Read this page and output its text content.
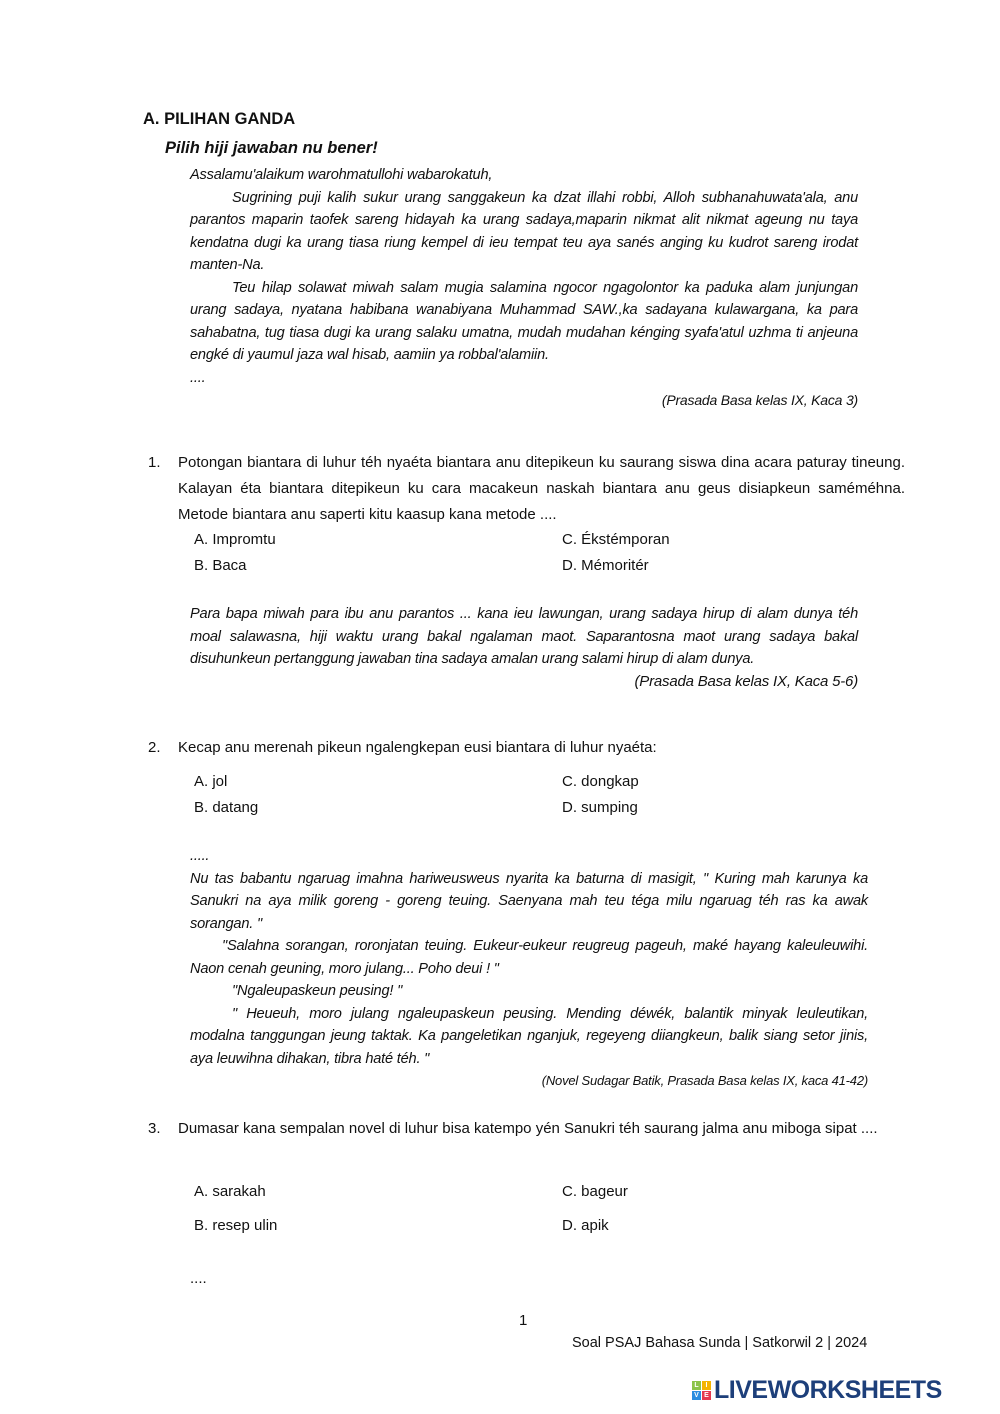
A. PILIHAN GANDA
Pilih hiji jawaban nu bener!

Assalamu'alaikum warohmatullohi wabarokatuh,

Sugrining puji kalih sukur urang sanggakeun ka dzat illahi robbi, Alloh subhanahuwata'ala, anu parantos maparin taofek sareng hidayah ka urang sadaya,maparin nikmat alit nikmat ageung nu taya kendatna dugi ka urang tiasa riung kempel di ieu tempat teu aya sanés anging ku kudrot sareng irodat manten-Na.

Teu hilap solawat miwah salam mugia salamina ngocor ngagolontor ka paduka alam junjungan urang sadaya, nyatana habibana wanabiyana Muhammad SAW.,ka sadayana kulawargana, ka para sahabatna, tug tiasa dugi ka urang salaku umatna, mudah mudahan kénging syafa'atul uzhma ti anjeuna engké di yaumul jaza wal hisab, aamiin ya robbal'alamiin.

....

(Prasada Basa kelas IX, Kaca 3)

1. Potongan biantara di luhur téh nyaéta biantara anu ditepikeun ku saurang siswa dina acara paturay tineung. Kalayan éta biantara ditepikeun ku cara macakeun naskah biantara anu geus disiapkeun saméméhna. Metode biantara anu saperti kitu kaasup kana metode ....
A. Impromtu	C. Ékstémporan
B. Baca	D. Mémoritér

Para bapa miwah para ibu anu parantos ... kana ieu lawungan, urang sadaya hirup di alam dunya téh moal salawasna, hiji waktu urang bakal ngalaman maot. Saparantosna maot urang sadaya bakal disuhunkeun pertanggung jawaban tina sadaya amalan urang salami hirup di alam dunya.

(Prasada Basa kelas IX, Kaca 5-6)

2. Kecap anu merenah pikeun ngalengkepan eusi biantara di luhur nyaéta:
A. jol	C. dongkap
B. datang	D. sumping

.....

Nu tas babantu ngaruag imahna hariweusweus nyarita ka baturna di masigit, " Kuring mah karunya ka Sanukri na aya milik goreng - goreng teuing. Saenyana mah teu téga milu ngaruag téh ras ka awak sorangan. "

"Salahna sorangan, roronjatan teuing. Eukeur-eukeur reugreug pageuh, maké hayang kaleuleuwihi. Naon cenah geuning, moro julang... Poho deui ! "

"Ngaleupaskeun peusing! "

" Heueuh, moro julang ngaleupaskeun peusing. Mending déwék, balantik minyak leuleutikan, modalna tanggungan jeung taktak. Ka pangeletikan nganjuk, regeyeng diiangkeun, balik siang setor jinis, aya leuwihna dihakan, tibra haté téh. "

(Novel Sudagar Batik, Prasada Basa kelas IX, kaca 41-42)

3. Dumasar kana sempalan novel di luhur bisa katempo yén Sanukri téh saurang jalma anu miboga sipat ....
A. sarakah	C. bageur
B. resep ulin	D. apik
....
1
Soal PSAJ Bahasa Sunda | Satkorwil 2 | 2024
L I
V E LIVEWORKSHEETS
